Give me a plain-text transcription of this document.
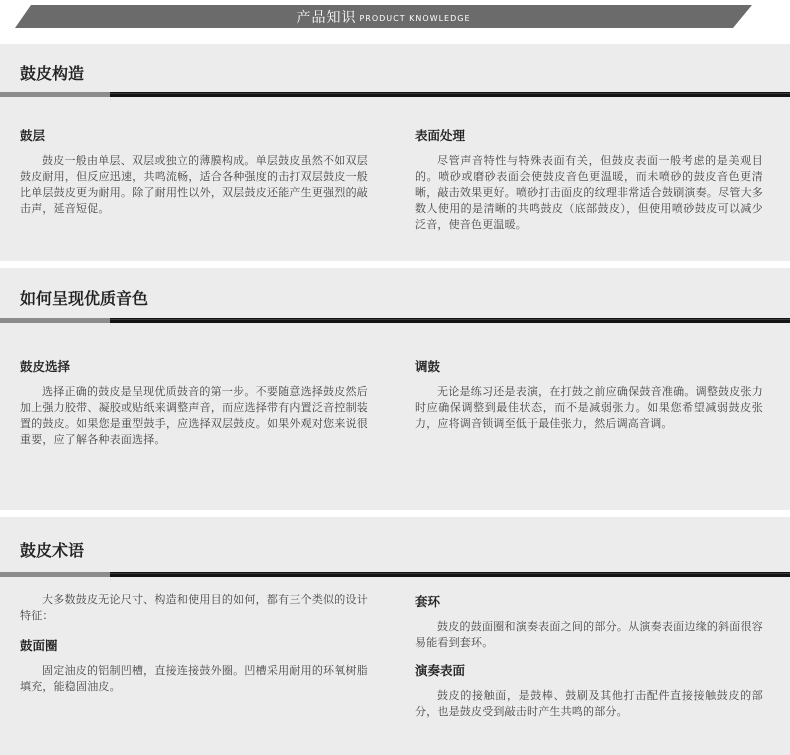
产品知识 PRODUCT KNOWLEDGE
鼓皮构造
鼓层
鼓皮一般由单层、双层或独立的薄膜构成。单层鼓皮虽然不如双层鼓皮耐用，但反应迅速，共鸣流畅，适合各种强度的击打双层鼓皮一般比单层鼓皮更为耐用。除了耐用性以外，双层鼓皮还能产生更强烈的敲击声，延音短促。
表面处理
尽管声音特性与特殊表面有关，但鼓皮表面一般考虑的是美观目的。喷砂或磨砂表面会使鼓皮音色更温暖，而未喷砂的鼓皮音色更清晰，敲击效果更好。喷砂打击面皮的纹理非常适合鼓刷演奏。尽管大多数人使用的是清晰的共鸣鼓皮（底部鼓皮），但使用喷砂鼓皮可以减少泛音，使音色更温暖。
如何呈现优质音色
鼓皮选择
选择正确的鼓皮是呈现优质鼓音的第一步。不要随意选择鼓皮然后加上强力胶带、凝胶或贴纸来调整声音，而应选择带有内置泛音控制装置的鼓皮。如果您是重型鼓手，应选择双层鼓皮。如果外观对您来说很重要，应了解各种表面选择。
调鼓
无论是练习还是表演，在打鼓之前应确保鼓音准确。调整鼓皮张力时应确保调整到最佳状态，而不是减弱张力。如果您希望减弱鼓皮张力，应将调音锁调至低于最佳张力，然后调高音调。
鼓皮术语
大多数鼓皮无论尺寸、构造和使用目的如何，都有三个类似的设计特征：
鼓面圈
固定油皮的铝制凹槽，直接连接鼓外圈。凹槽采用耐用的环氧树脂填充，能稳固油皮。
套环
鼓皮的鼓面圈和演奏表面之间的部分。从演奏表面边缘的斜面很容易能看到套环。
演奏表面
鼓皮的接触面，是鼓棒、鼓刷及其他打击配件直接接触鼓皮的部分，也是鼓皮受到敲击时产生共鸣的部分。
